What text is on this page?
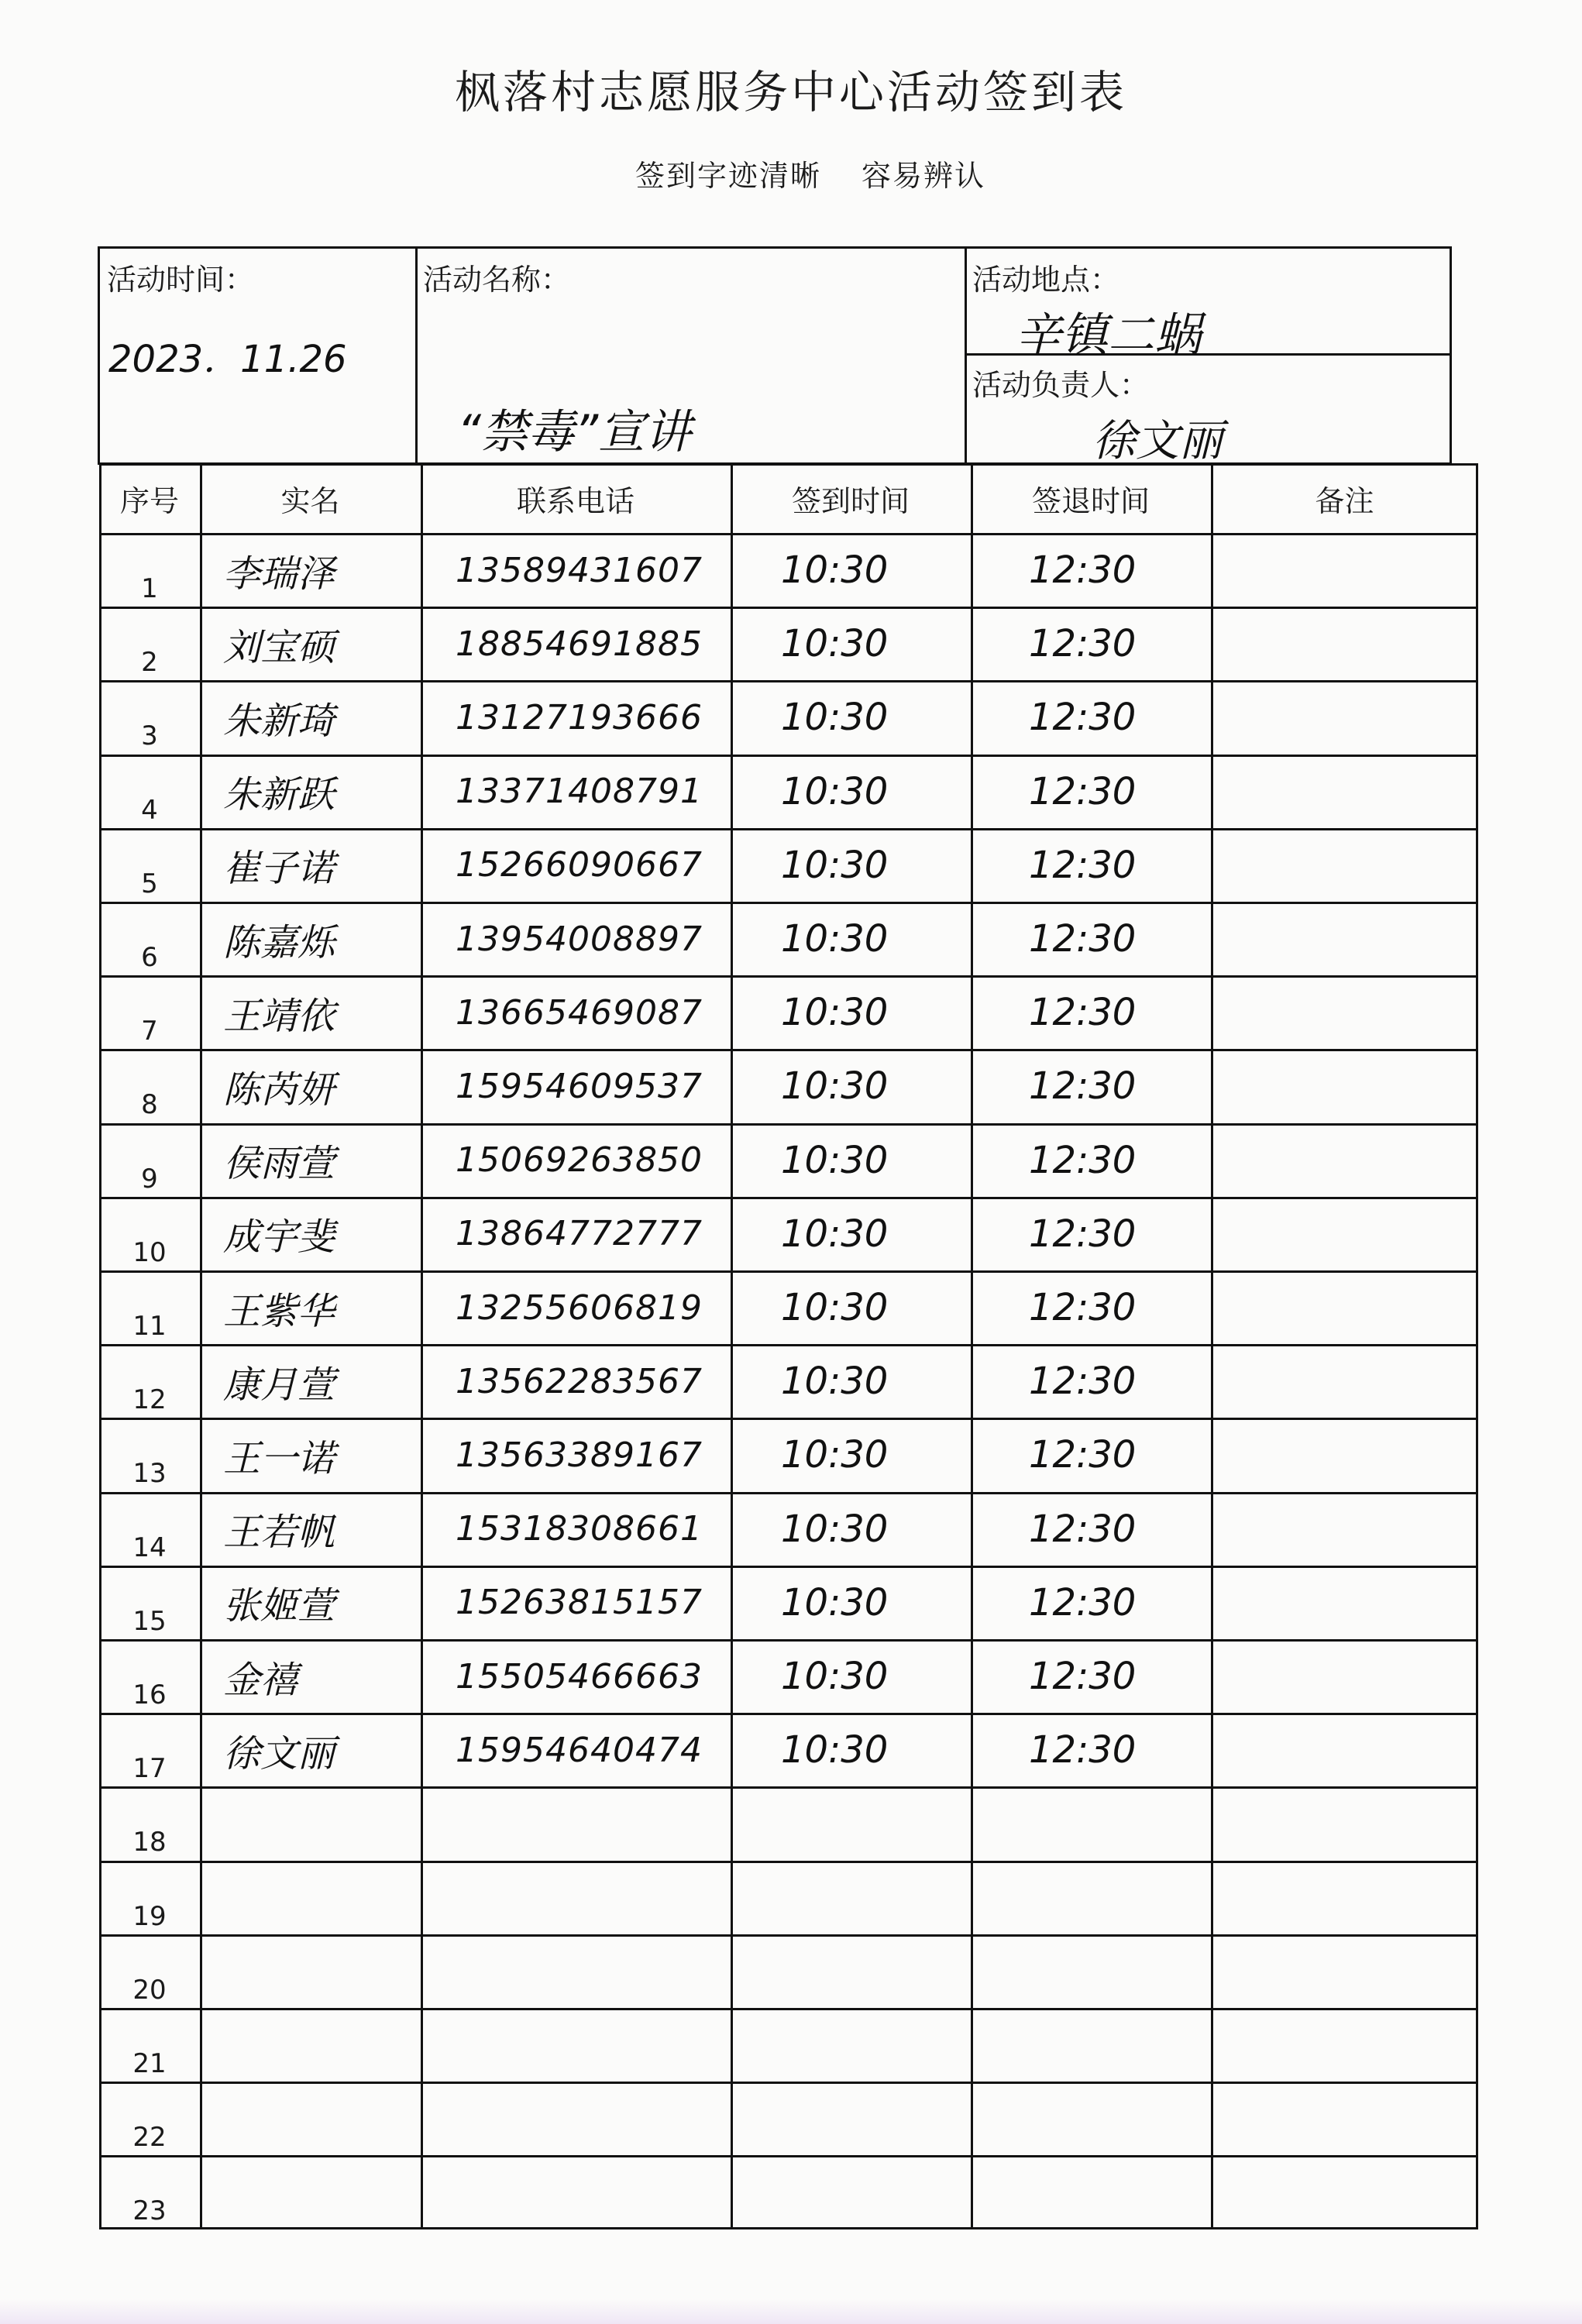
枫落村志愿服务中心活动签到表
签到字迹清晰 容易辨认
活动时间：
2023．11.26
活动名称：
“禁毒”宣讲
活动地点：
辛镇二蜗
活动负责人：
徐文丽
序号	实名	联系电话	签到时间	签退时间	备注
1	李瑞泽	13589431607	10:30	12:30
2	刘宝硕	18854691885	10:30	12:30
3	朱新琦	13127193666	10:30	12:30
4	朱新跃	13371408791	10:30	12:30
5	崔子诺	15266090667	10:30	12:30
6	陈嘉烁	13954008897	10:30	12:30
7	王靖依	13665469087	10:30	12:30
8	陈芮妍	15954609537	10:30	12:30
9	侯雨萱	15069263850	10:30	12:30
10	成宇斐	13864772777	10:30	12:30
11	王紫华	13255606819	10:30	12:30
12	康月萱	13562283567	10:30	12:30
13	王一诺	13563389167	10:30	12:30
14	王若帆	15318308661	10:30	12:30
15	张姬萱	15263815157	10:30	12:30
16	金禧	15505466663	10:30	12:30
17	徐文丽	15954640474	10:30	12:30
18
19
20
21
22
23
